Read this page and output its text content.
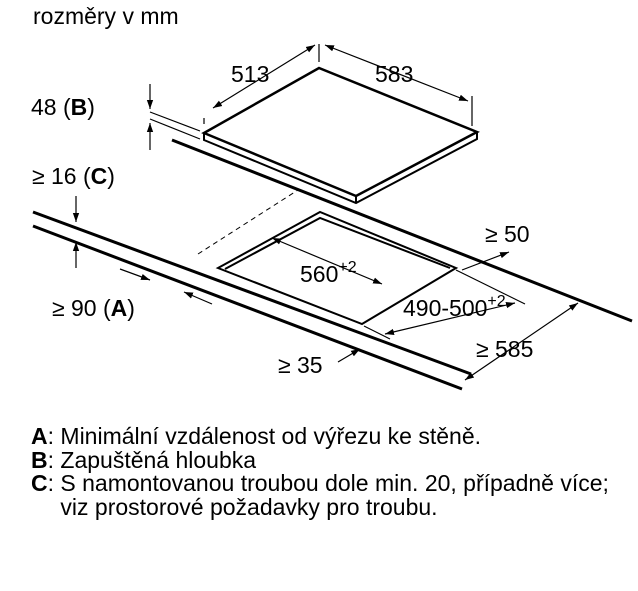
rozměry v mm
513	583
48 (B)
≥ 16 (C)
$560^{+2}$
$490-500^{+2}$
≥ 50
≥ 90 (A)
≥ 35
≥ 585
A : Minimální vzdálenost od výřezu ke stěně.
B : Zapuštěná hloubka
C : S namontovanou troubou dole min. 20, případně více; viz prostorové požadavky pro troubu.
